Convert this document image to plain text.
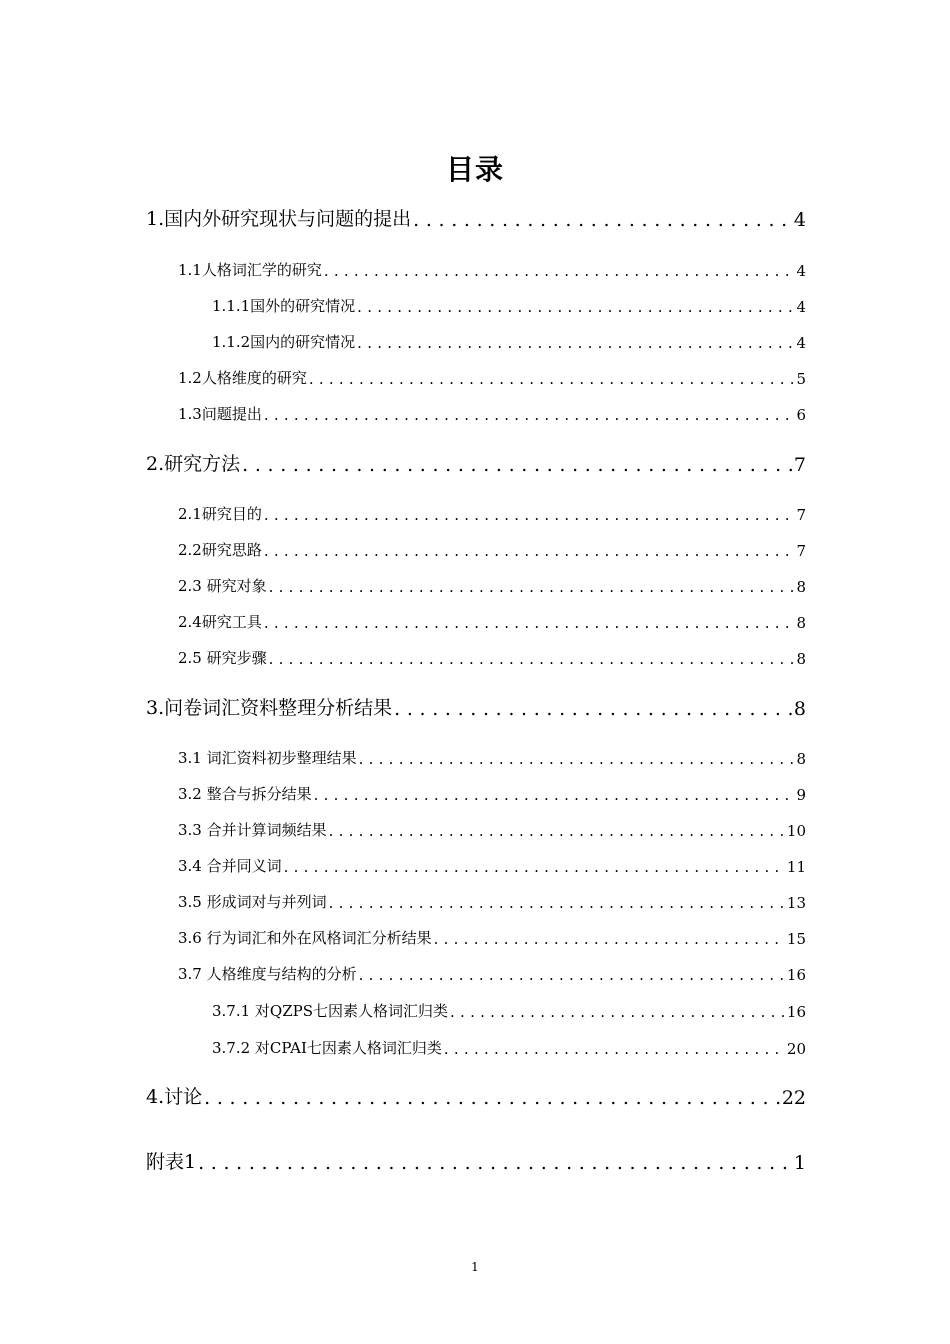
目录
1.国内外研究现状与问题的提出 .....	4
1.1人格词汇学的研究 .....	4
1.1.1国外的研究情况 .....	4
1.1.2国内的研究情况 .....	4
1.2人格维度的研究 .....	5
1.3问题提出 .....	6
2.研究方法 .....	7
2.1研究目的 .....	7
2.2研究思路 .....	7
2.3 研究对象 .....	8
2.4研究工具 .....	8
2.5 研究步骤 .....	8
3.问卷词汇资料整理分析结果 .....	8
3.1 词汇资料初步整理结果 .....	8
3.2 整合与拆分结果 .....	9
3.3 合并计算词频结果 .....	10
3.4 合并同义词 .....	11
3.5 形成词对与并列词 .....	13
3.6 行为词汇和外在风格词汇分析结果 .....	15
3.7 人格维度与结构的分析 .....	16
3.7.1 对QZPS七因素人格词汇归类 .....	16
3.7.2 对CPAI七因素人格词汇归类 .....	20
4.讨论 .....	22
附表1 .....	1
1
